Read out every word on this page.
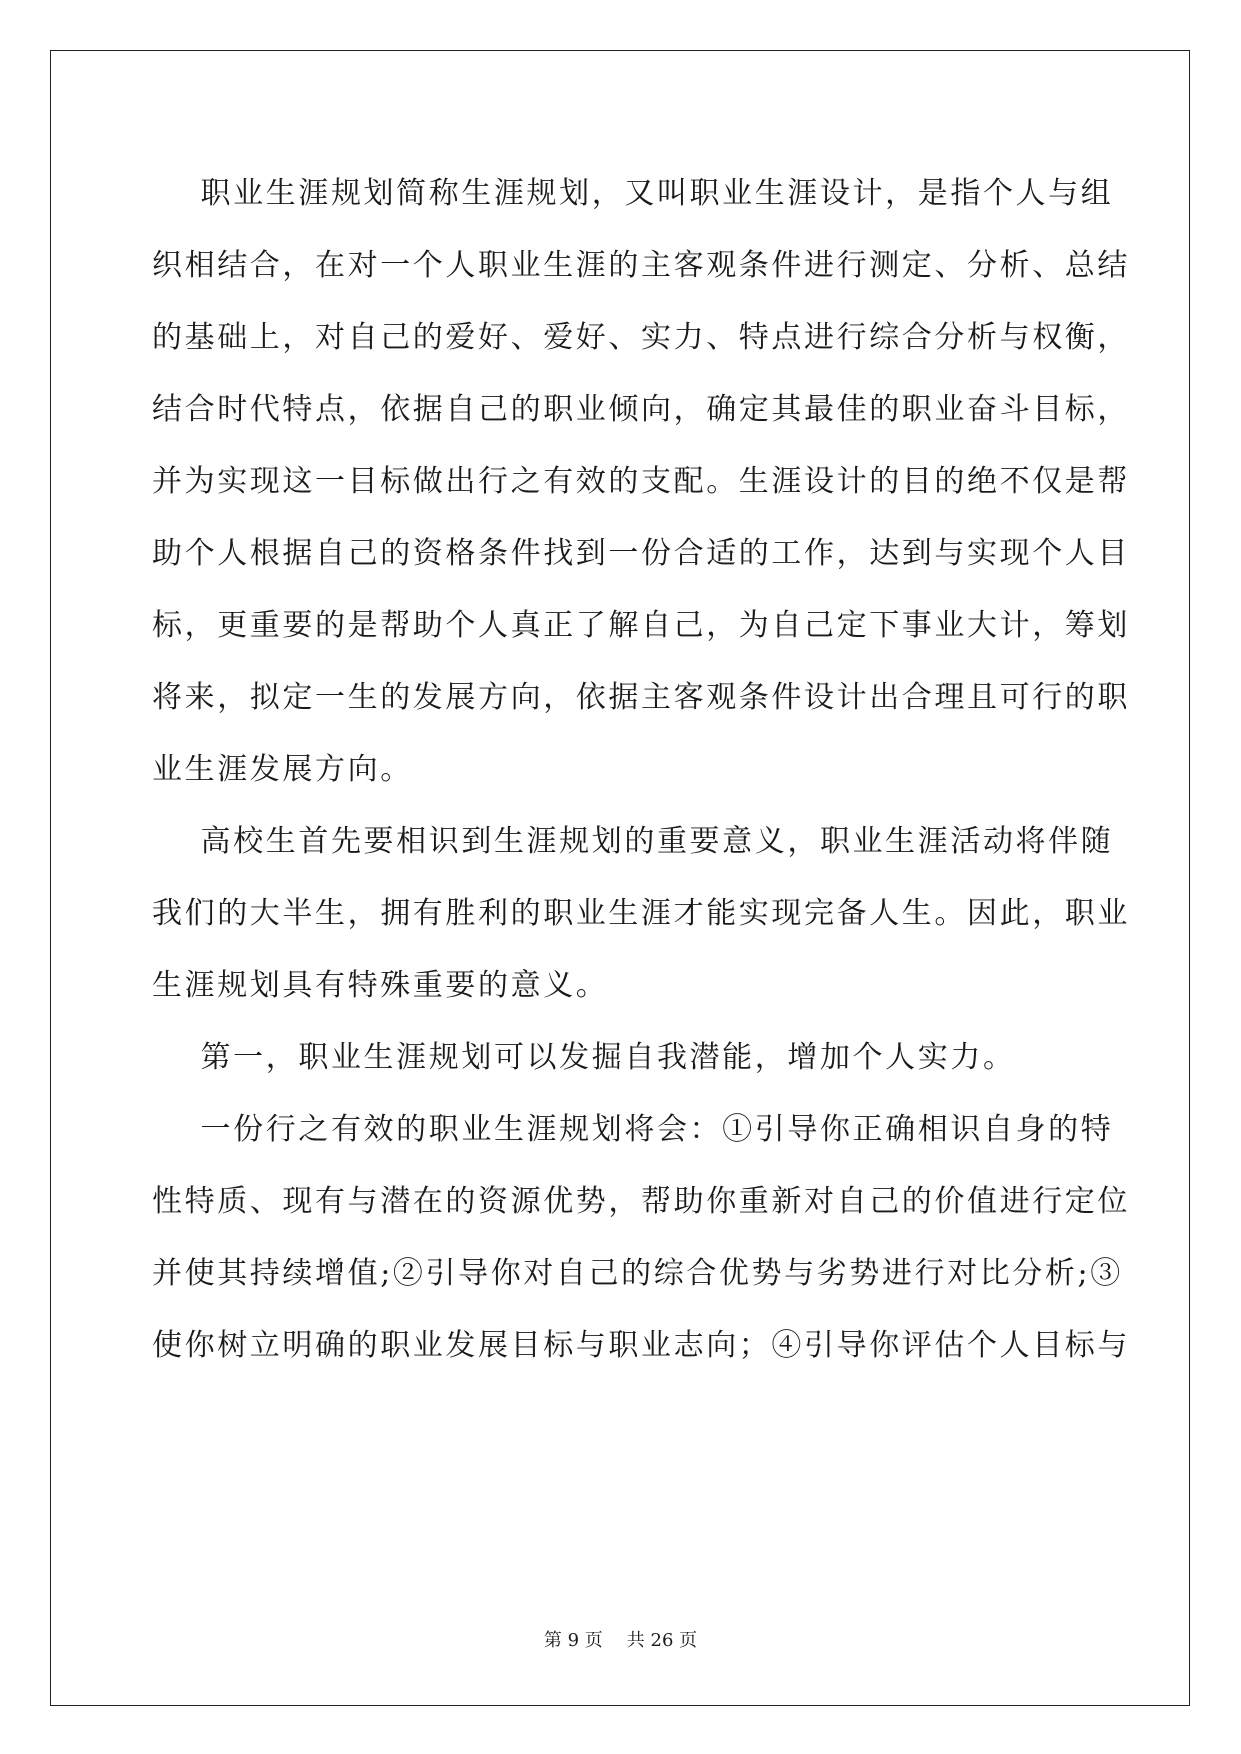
职业生涯规划简称生涯规划，又叫职业生涯设计，是指个人与组
织相结合，在对一个人职业生涯的主客观条件进行测定、分析、总结
的基础上，对自己的爱好、爱好、实力、特点进行综合分析与权衡，
结合时代特点，依据自己的职业倾向，确定其最佳的职业奋斗目标，
并为实现这一目标做出行之有效的支配。生涯设计的目的绝不仅是帮
助个人根据自己的资格条件找到一份合适的工作，达到与实现个人目
标，更重要的是帮助个人真正了解自己，为自己定下事业大计，筹划
将来，拟定一生的发展方向，依据主客观条件设计出合理且可行的职
业生涯发展方向。
高校生首先要相识到生涯规划的重要意义，职业生涯活动将伴随
我们的大半生，拥有胜利的职业生涯才能实现完备人生。因此，职业
生涯规划具有特殊重要的意义。
第一，职业生涯规划可以发掘自我潜能，增加个人实力。
一份行之有效的职业生涯规划将会：①引导你正确相识自身的特
性特质、现有与潜在的资源优势，帮助你重新对自己的价值进行定位
并使其持续增值;②引导你对自己的综合优势与劣势进行对比分析;③
使你树立明确的职业发展目标与职业志向；④引导你评估个人目标与
第 9 页 共 26 页
